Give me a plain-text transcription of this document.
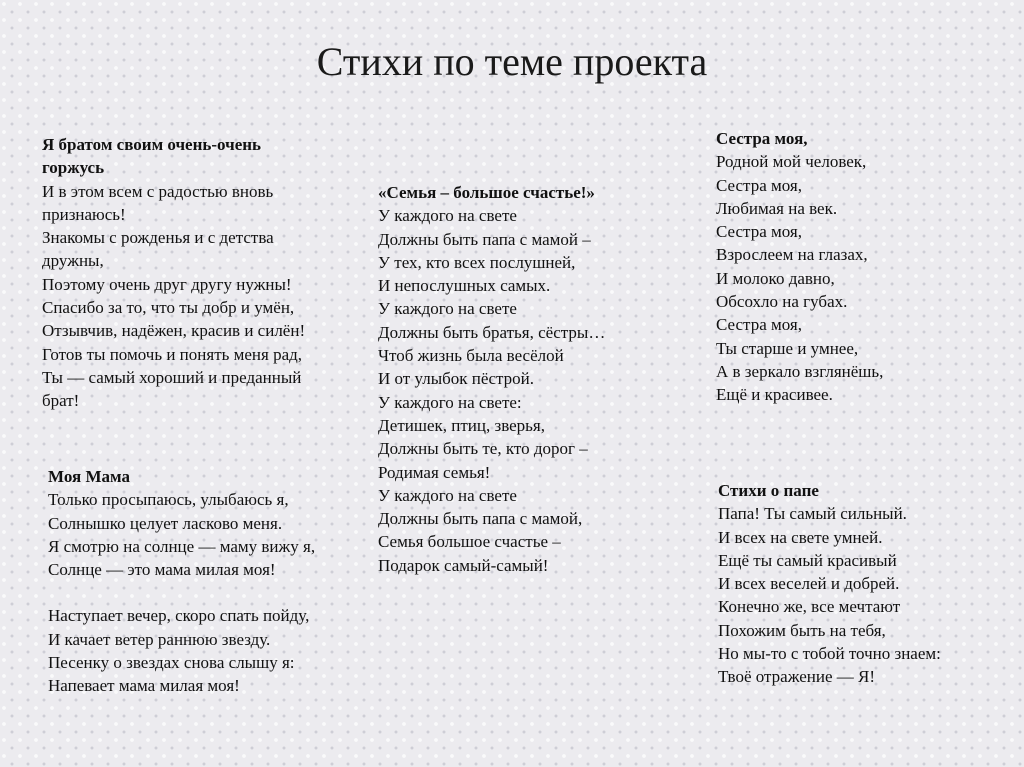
Стихи по теме проекта
Я братом своим очень-очень
горжусь
И в этом всем с радостью вновь
признаюсь!
Знакомы с рожденья и с детства
дружны,
Поэтому очень друг другу нужны!
Спасибо за то, что ты добр и умён,
Отзывчив, надёжен, красив и силён!
Готов ты помочь и понять меня рад,
Ты — самый хороший и преданный
брат!
«Семья – большое счастье!»
У каждого на свете
Должны быть папа с мамой –
У тех, кто всех послушней,
И непослушных самых.
У каждого на свете
Должны быть братья, сёстры…
Чтоб жизнь была весёлой
И от улыбок пёстрой.
У каждого на свете:
Детишек, птиц, зверья,
Должны быть те, кто дорог –
Родимая семья!
У каждого на свете
Должны быть папа с мамой,
Семья большое счастье –
Подарок самый-самый!
Сестра моя,
Родной мой человек,
Сестра моя,
Любимая на век.
Сестра моя,
Взрослеем на глазах,
И молоко давно,
Обсохло на губах.
Сестра моя,
Ты старше и умнее,
А в зеркало взглянёшь,
Ещё и красивее.
Моя Мама
Только просыпаюсь, улыбаюсь я,
Солнышко целует ласково меня.
Я смотрю на солнце — маму вижу я,
Солнце — это мама милая моя!
Наступает вечер, скоро спать пойду,
И качает ветер раннюю звезду.
Песенку о звездах снова слышу я:
Напевает мама милая моя!
Стихи о папе
Папа! Ты самый сильный.
И всех на свете умней.
Ещё ты самый красивый
И всех веселей и добрей.
Конечно же, все мечтают
Похожим быть на тебя,
Но мы-то с тобой точно знаем:
Твоё отражение — Я!
